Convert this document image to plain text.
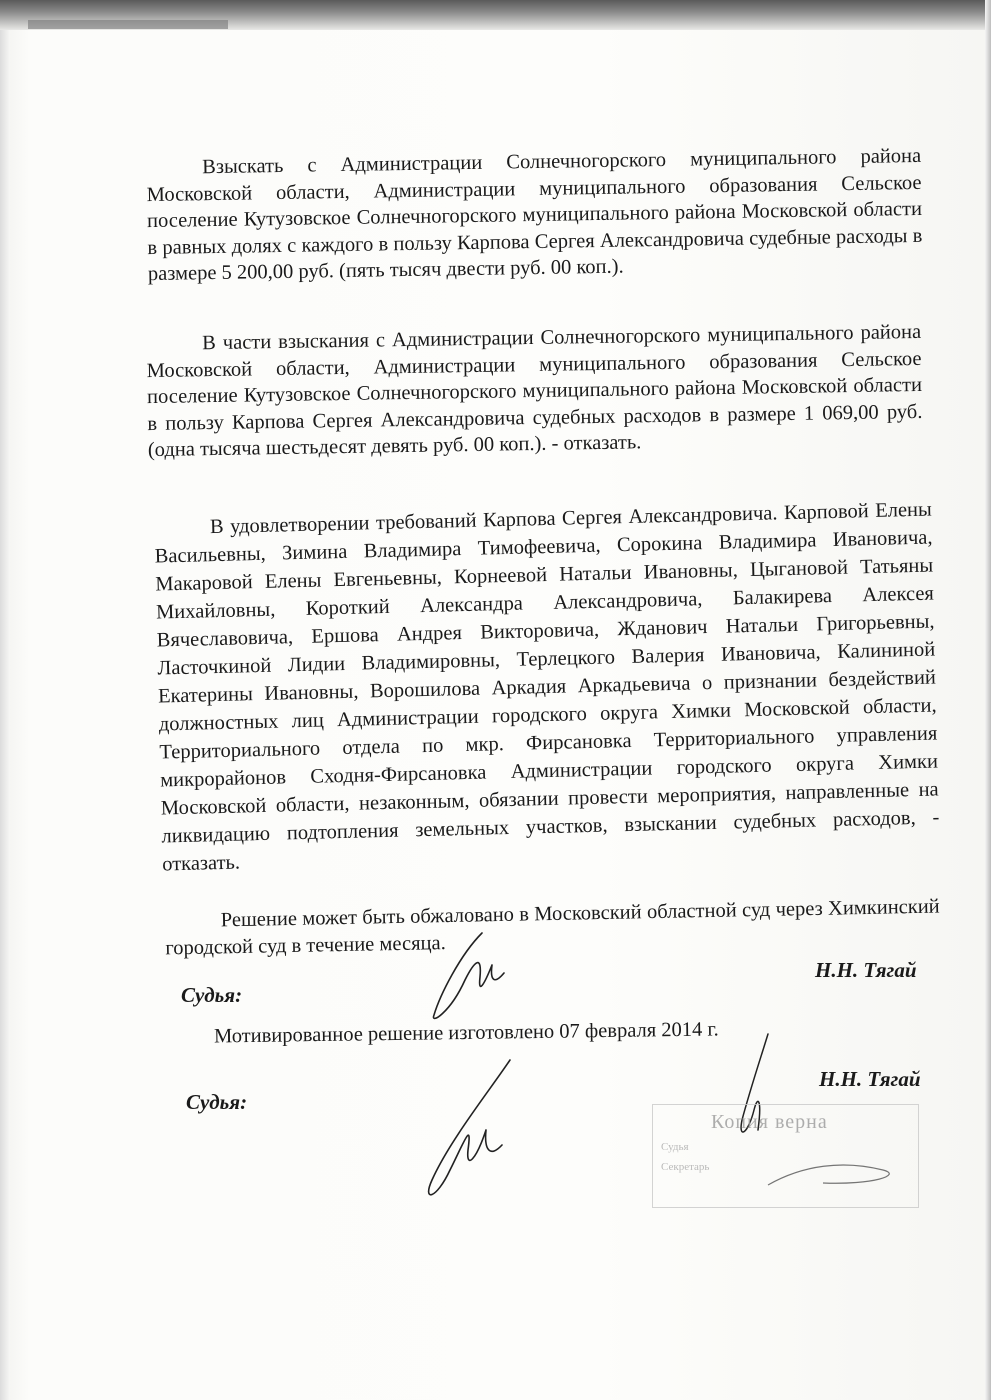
Взыскать с Администрации Солнечногорского муниципального района Московской области, Администрации муниципального образования Сельское поселение Кутузовское Солнечногорского муниципального района Московской области в равных долях с каждого в пользу Карпова Сергея Александровича судебные расходы в размере 5 200,00 руб. (пять тысяч двести руб. 00 коп.).

В части взыскания с Администрации Солнечногорского муниципального района Московской области, Администрации муниципального образования Сельское поселение Кутузовское Солнечногорского муниципального района Московской области в пользу Карпова Сергея Александровича судебных расходов в размере 1 069,00 руб. (одна тысяча шестьдесят девять руб. 00 коп.). - отказать.

В удовлетворении требований Карпова Сергея Александровича. Карповой Елены Васильевны, Зимина Владимира Тимофеевича, Сорокина Владимира Ивановича, Макаровой Елены Евгеньевны, Корнеевой Натальи Ивановны, Цыгановой Татьяны Михайловны, Короткий Александра Александровича, Балакирева Алексея Вячеславовича, Ершова Андрея Викторовича, Жданович Натальи Григорьевны, Ласточкиной Лидии Владимировны, Терлецкого Валерия Ивановича, Калининой Екатерины Ивановны, Ворошилова Аркадия Аркадьевича о признании бездействий должностных лиц Администрации городского округа Химки Московской области, Территориального отдела по мкр. Фирсановка Территориального управления микрорайонов Сходня-Фирсановка Администрации городского округа Химки Московской области, незаконным, обязании провести мероприятия, направленные на ликвидацию подтопления земельных участков, взыскании судебных расходов, - отказать.

Решение может быть обжаловано в Московский областной суд через Химкинский городской суд в течение месяца.

Н.Н. Тягай
Судья:
Мотивированное решение изготовлено 07 февраля 2014 г.
Н.Н. Тягай
Судья:
Копия верна
Судья
Секретарь
